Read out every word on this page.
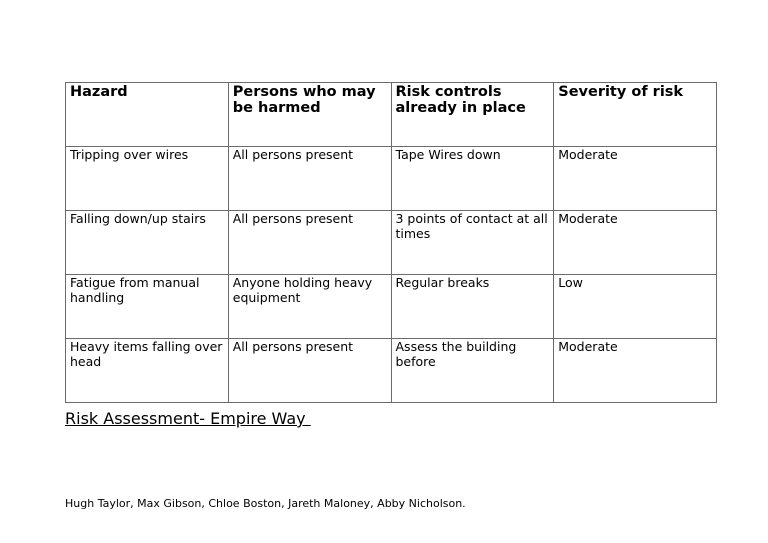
Hazard	Persons who may be harmed	Risk controls already in place	Severity of risk
Tripping over wires	All persons present	Tape Wires down	Moderate
Falling down/up stairs	All persons present	3 points of contact at all times	Moderate
Fatigue from manual handling	Anyone holding heavy equipment	Regular breaks	Low
Heavy items falling over head	All persons present	Assess the building before	Moderate
Risk Assessment- Empire Way
Hugh Taylor, Max Gibson, Chloe Boston, Jareth Maloney, Abby Nicholson.
